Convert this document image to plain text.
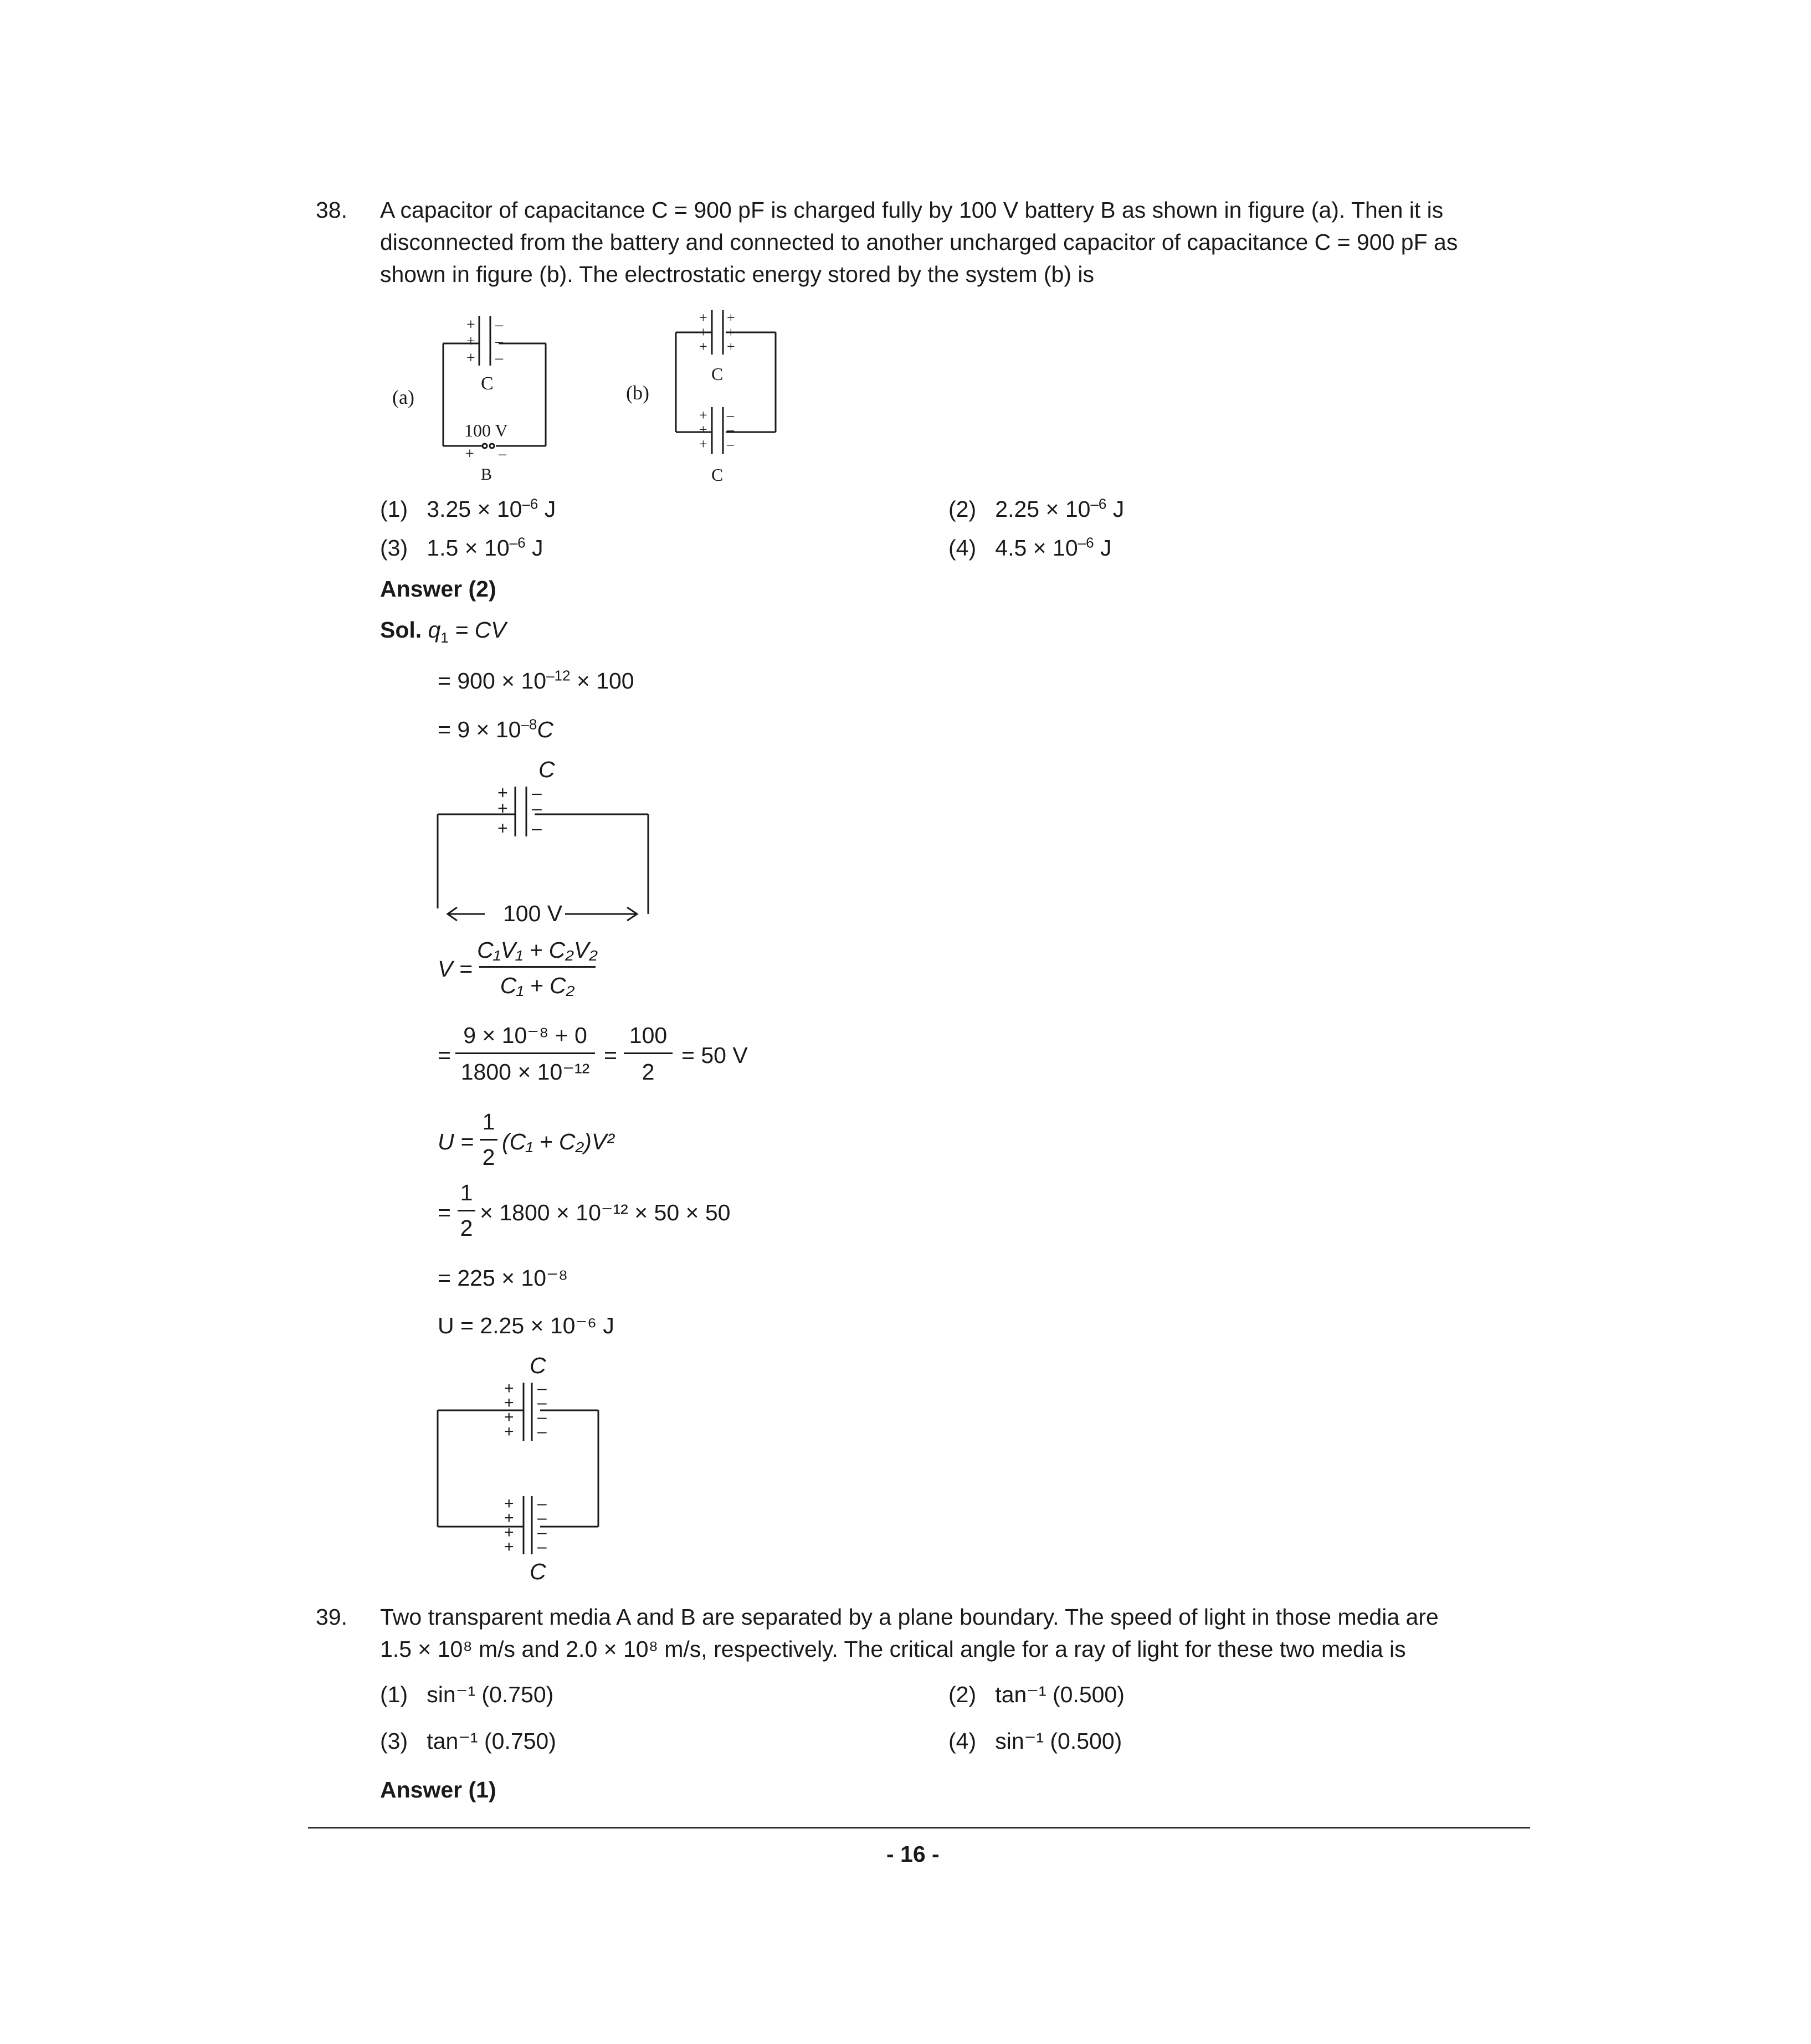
38. A capacitor of capacitance C = 900 pF is charged fully by 100 V battery B as shown in figure (a). Then it is
disconnected from the battery and connected to another uncharged capacitor of capacitance C = 900 pF as
shown in figure (b). The electrostatic energy stored by the system (b) is
(a)
+
+
+
–
–
–
+ –
C
100 V
B
(b)
+
+
+
+
+
+
+
+
+
–
–
–
C
C
(1) $3.25 \times 10^{-6}$ J	(2) $2.25 \times 10^{-6}$ J
(3) $1.5 \times 10^{-6}$ J	(4) $4.5 \times 10^{-6}$ J
Answer (2)
Sol. $q_1$ = CV
= $900 \times 10^{-12} \times 100$
= $9 \times 10^{-8}C$
C
+
+
+
–
–
–
100 V
V =
C₁V₁ + C₂V₂
C₁ + C₂
=
9 × 10⁻⁸ + 0
1800 × 10⁻¹²
=
100
2
= 50 V
U =
1
2
(C₁ + C₂)V²
=
1
2
× 1800 × 10⁻¹² × 50 × 50
= 225 × 10⁻⁸
U = 2.25 × 10⁻⁶ J
C
+
+
+
+
–
–
–
–
+
+
+
+
–
–
–
–
C
39. Two transparent media A and B are separated by a plane boundary. The speed of light in those media are
1.5 × 10⁸ m/s and 2.0 × 10⁸ m/s, respectively. The critical angle for a ray of light for these two media is
(1) sin⁻¹ (0.750)	(2) tan⁻¹ (0.500)
(3) tan⁻¹ (0.750)	(4) sin⁻¹ (0.500)
Answer (1)
- 16 -
